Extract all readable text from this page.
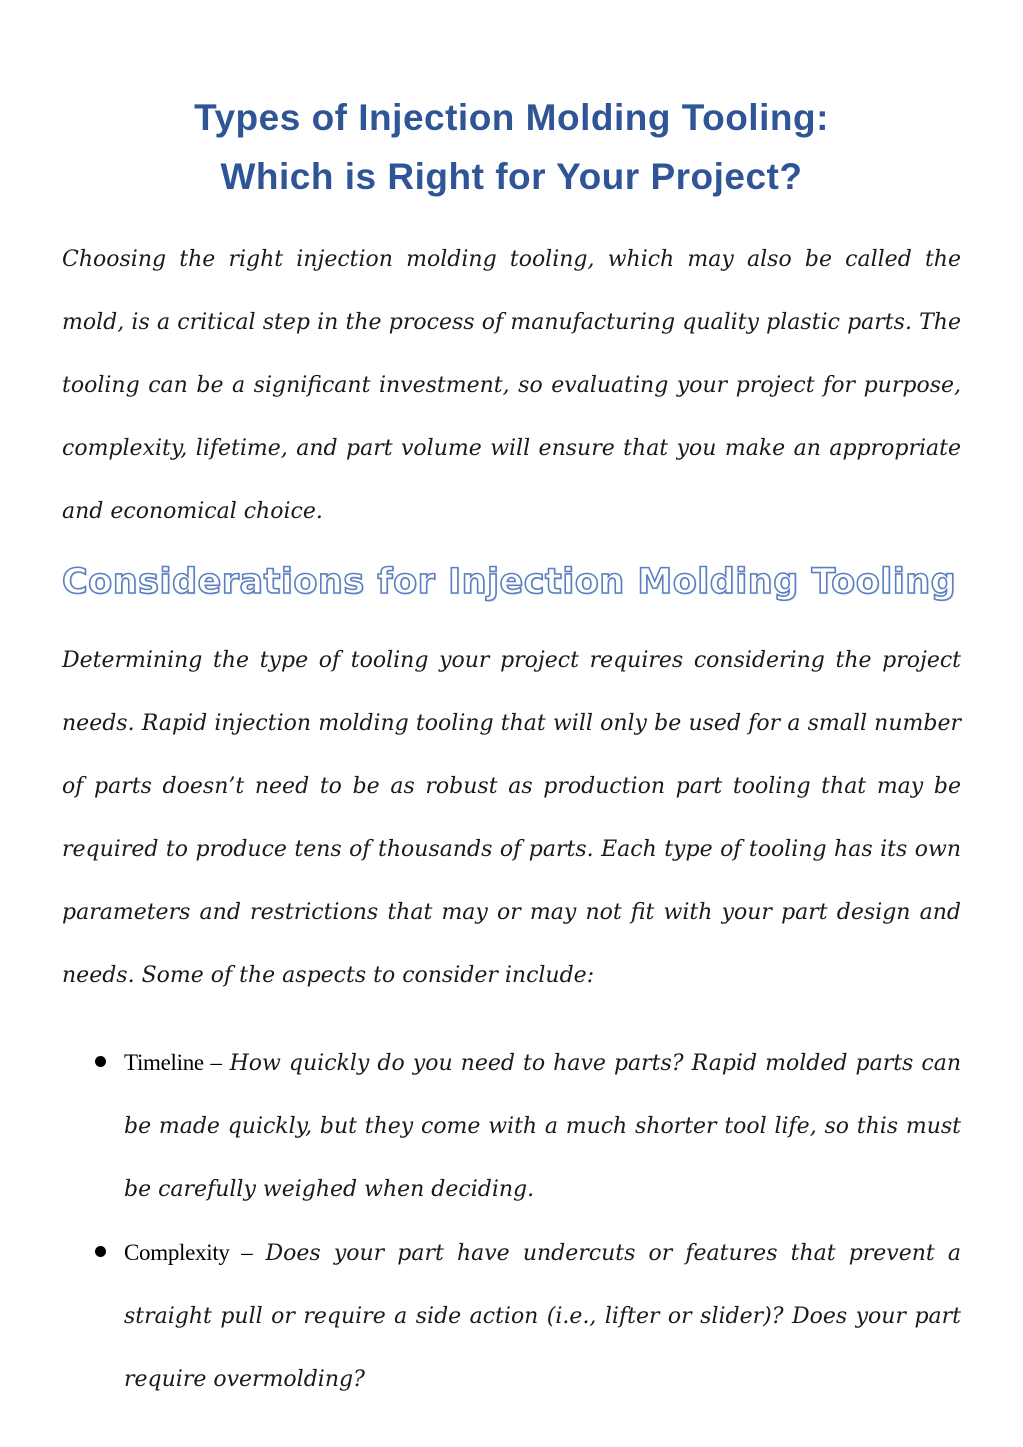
Types of Injection Molding Tooling:
Which is Right for Your Project?

Choosing the right injection molding tooling, which may also be called the mold, is a critical step in the process of manufacturing quality plastic parts. The tooling can be a significant investment, so evaluating your project for purpose, complexity, lifetime, and part volume will ensure that you make an appropriate and economical choice.

Considerations for Injection Molding Tooling

Determining the type of tooling your project requires considering the project needs. Rapid injection molding tooling that will only be used for a small number of parts doesn’t need to be as robust as production part tooling that may be required to produce tens of thousands of parts. Each type of tooling has its own parameters and restrictions that may or may not fit with your part design and needs. Some of the aspects to consider include:

Timeline – How quickly do you need to have parts? Rapid molded parts can be made quickly, but they come with a much shorter tool life, so this must be carefully weighed when deciding.
Complexity – Does your part have undercuts or features that prevent a straight pull or require a side action (i.e., lifter or slider)? Does your part require overmolding?
